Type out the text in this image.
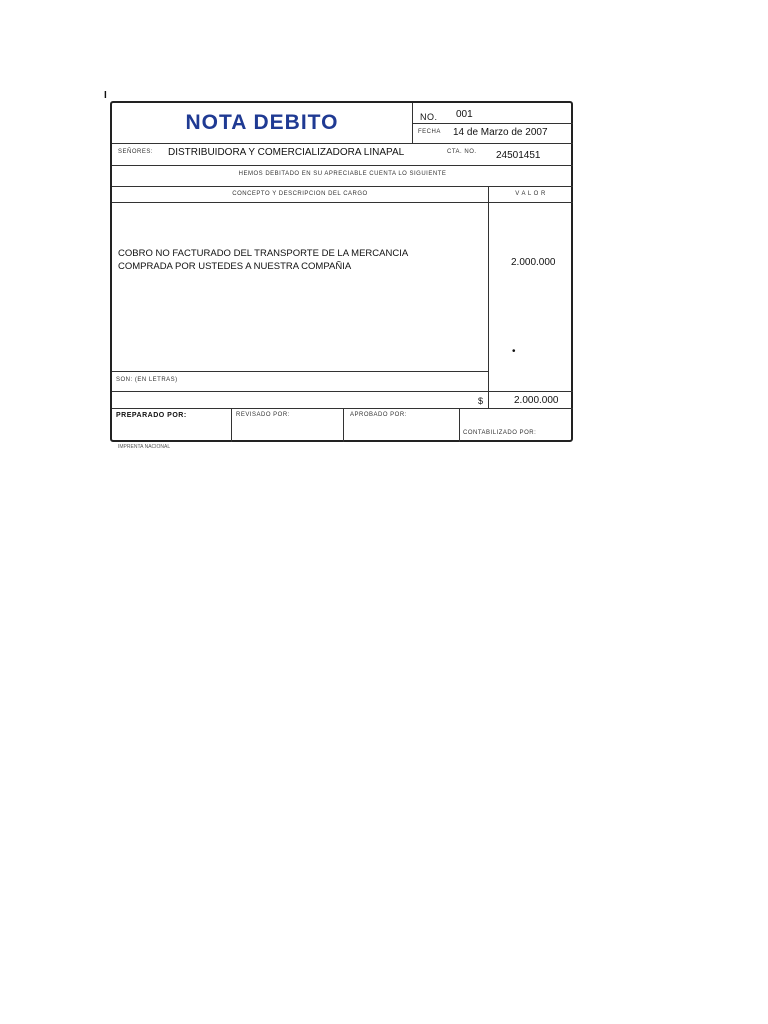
I
NOTA DEBITO	NO. 001
FECHA 14 de Marzo de 2007
SEÑORES: DISTRIBUIDORA Y COMERCIALIZADORA LINAPAL	CTA. NO. 24501451
HEMOS DEBITADO EN SU APRECIABLE CUENTA LO SIGUIENTE
CONCEPTO Y DESCRIPCION DEL CARGO	V A L O R
COBRO NO FACTURADO DEL TRANSPORTE DE LA MERCANCIA COMPRADA POR USTEDES A NUESTRA COMPAÑIA	2.000.000
•
SON: (EN LETRAS)
$	2.000.000
PREPARADO POR:	REVISADO POR:	APROBADO POR:
CONTABILIZADO POR:
IMPRENTA NACIONAL
